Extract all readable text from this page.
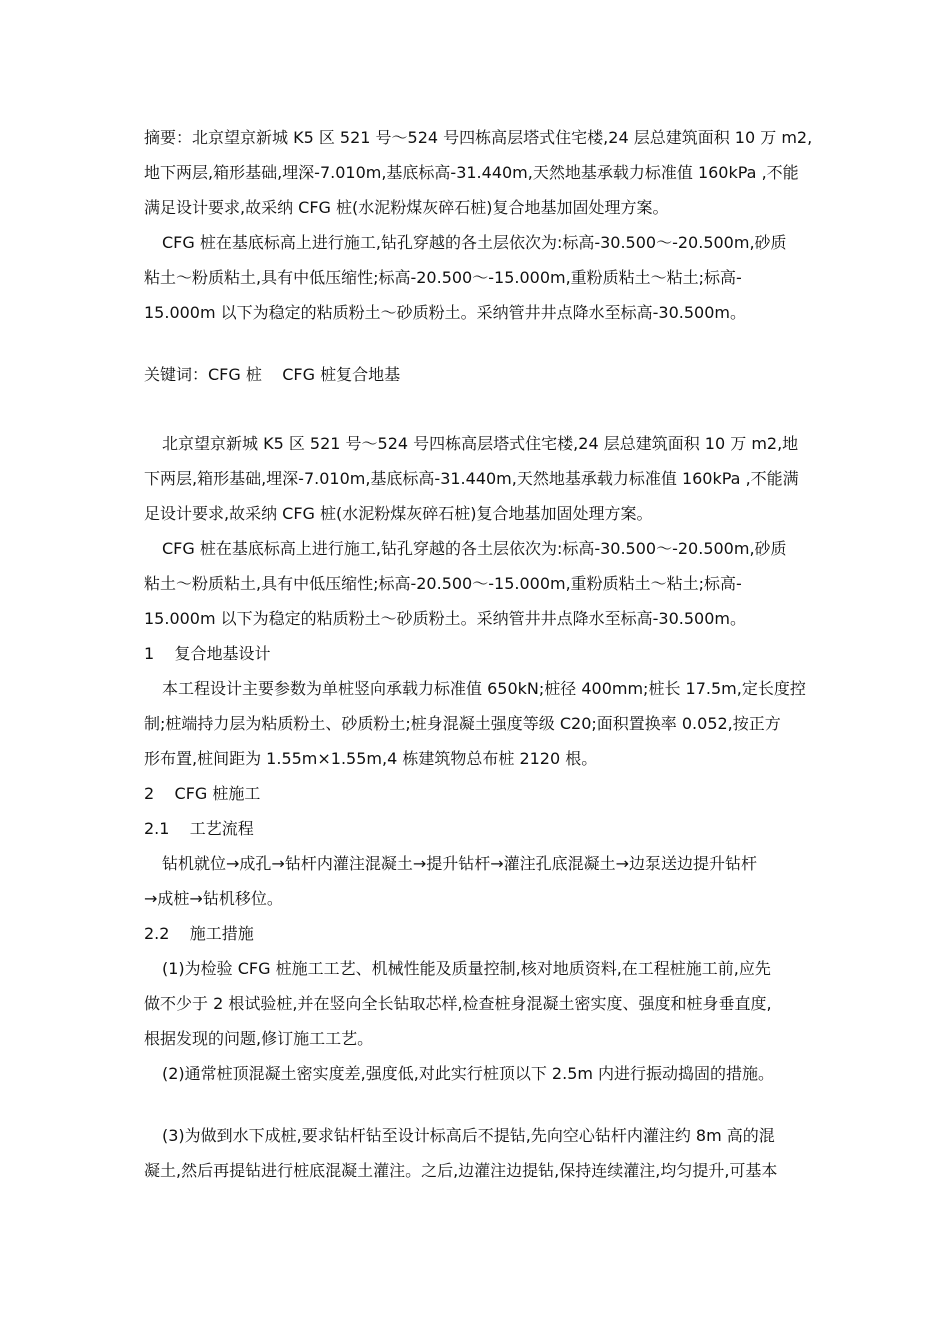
摘要：北京望京新城 K5 区 521 号～524 号四栋高层塔式住宅楼,24 层总建筑面积 10 万 m2,
地下两层,箱形基础,埋深-7.010m,基底标高-31.440m,天然地基承载力标准值 160kPa ,不能
满足设计要求,故采纳 CFG 桩(水泥粉煤灰碎石桩)复合地基加固处理方案。
CFG 桩在基底标高上进行施工,钻孔穿越的各土层依次为:标高-30.500～-20.500m,砂质
粘土～粉质粘土,具有中低压缩性;标高-20.500～-15.000m,重粉质粘土～粘土;标高-
15.000m 以下为稳定的粘质粉土～砂质粉土。采纳管井井点降水至标高-30.500m。

关键词：CFG 桩    CFG 桩复合地基

北京望京新城 K5 区 521 号～524 号四栋高层塔式住宅楼,24 层总建筑面积 10 万 m2,地
下两层,箱形基础,埋深-7.010m,基底标高-31.440m,天然地基承载力标准值 160kPa ,不能满
足设计要求,故采纳 CFG 桩(水泥粉煤灰碎石桩)复合地基加固处理方案。
CFG 桩在基底标高上进行施工,钻孔穿越的各土层依次为:标高-30.500～-20.500m,砂质
粘土～粉质粘土,具有中低压缩性;标高-20.500～-15.000m,重粉质粘土～粘土;标高-
15.000m 以下为稳定的粘质粉土～砂质粉土。采纳管井井点降水至标高-30.500m。

1    复合地基设计

本工程设计主要参数为单桩竖向承载力标准值 650kN;桩径 400mm;桩长 17.5m,定长度控
制;桩端持力层为粘质粉土、砂质粉土;桩身混凝土强度等级 C20;面积置换率 0.052,按正方
形布置,桩间距为 1.55m×1.55m,4 栋建筑物总布桩 2120 根。

2    CFG 桩施工

2.1    工艺流程

钻机就位→成孔→钻杆内灌注混凝土→提升钻杆→灌注孔底混凝土→边泵送边提升钻杆
→成桩→钻机移位。

2.2    施工措施

(1)为检验 CFG 桩施工工艺、机械性能及质量控制,核对地质资料,在工程桩施工前,应先
做不少于 2 根试验桩,并在竖向全长钻取芯样,检查桩身混凝土密实度、强度和桩身垂直度,
根据发现的问题,修订施工工艺。
(2)通常桩顶混凝土密实度差,强度低,对此实行桩顶以下 2.5m 内进行振动捣固的措施。
(3)为做到水下成桩,要求钻杆钻至设计标高后不提钻,先向空心钻杆内灌注约 8m 高的混
凝土,然后再提钻进行桩底混凝土灌注。之后,边灌注边提钻,保持连续灌注,均匀提升,可基本
